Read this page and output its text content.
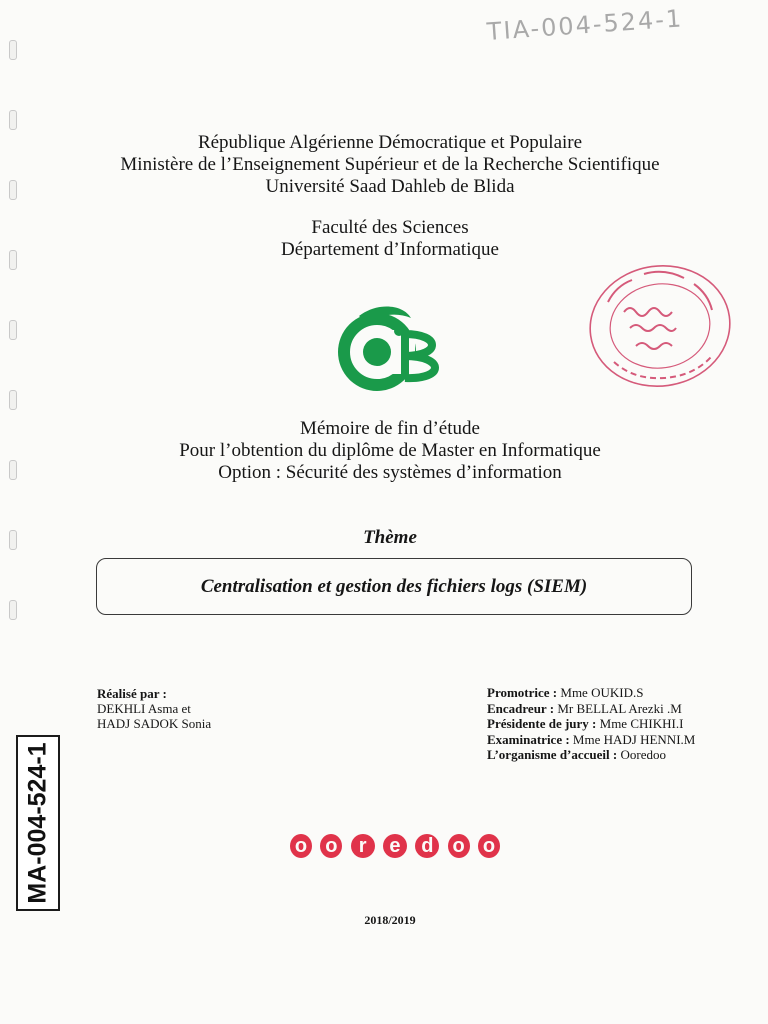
TIA-004-524-1
République Algérienne Démocratique et Populaire
Ministère de l’Enseignement Supérieur et de la Recherche Scientifique
Université Saad Dahleb de Blida
Faculté des Sciences
Département d’Informatique
Mémoire de fin d’étude
Pour l’obtention du diplôme de Master en Informatique
Option : Sécurité des systèmes d’information
Thème
Centralisation et gestion des fichiers logs (SIEM)
Réalisé par :
DEKHLI Asma et
HADJ SADOK Sonia
Promotrice : Mme OUKID.S
Encadreur : Mr BELLAL Arezki .M
Présidente de jury : Mme CHIKHI.I
Examinatrice : Mme HADJ HENNI.M
L’organisme d’accueil : Ooredoo
MA-004-524-1	o o	r	e	d o o
2018/2019
